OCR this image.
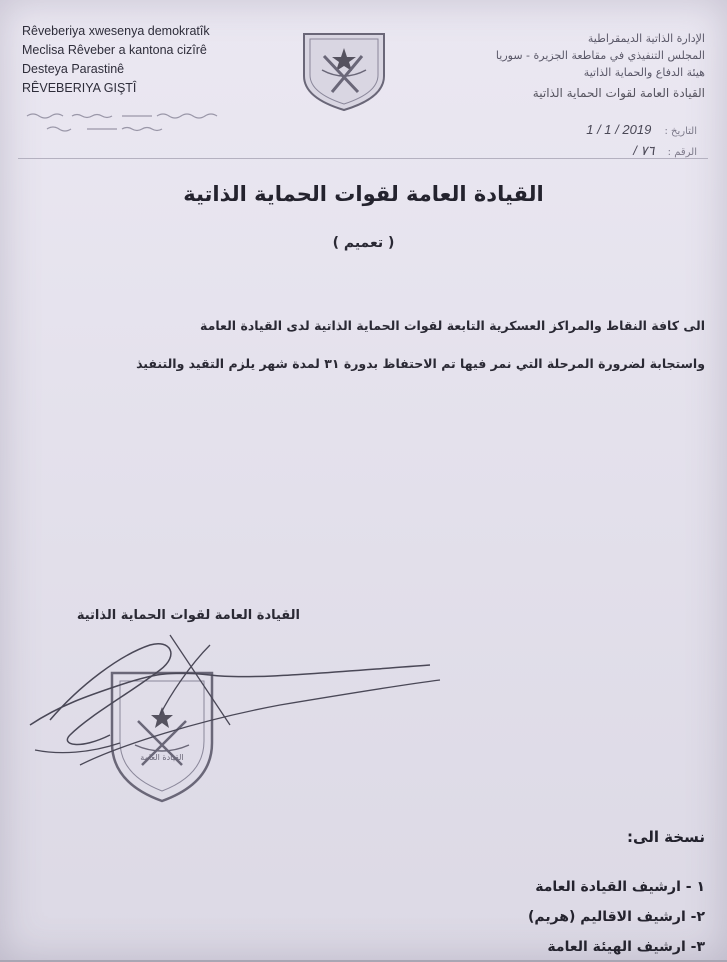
Rêveberiya xwesenya demokratîk
Meclisa Rêveber a kantona cizîrê
Desteya Parastinê
RÊVEBERIYA GIŞTÎ
الإدارة الذاتية الديمقراطية
المجلس التنفيذي في مقاطعة الجزيرة - سوريا
هيئة الدفاع والحماية الذاتية
القيادة العامة لقوات الحماية الذاتية
التاريخ : 2019 / 1 / 1
الرقم : ٧٦ /
القيادة العامة لقوات الحماية الذاتية
( تعميم )
الى كافة النقاط والمراكز العسكرية التابعة لقوات الحماية الذاتية لدى القيادة العامة
واستجابة لضرورة المرحلة التي نمر فيها تم الاحتفاظ بدورة ٣١ لمدة شهر يلزم التقيد والتنفيذ
القيادة العامة لقوات الحماية الذاتية
القيادة العامة
نسخة الى:
١ - ارشيف القيادة العامة
٢- ارشيف الاقاليم (هريم)
٣- ارشيف الهيئة العامة
